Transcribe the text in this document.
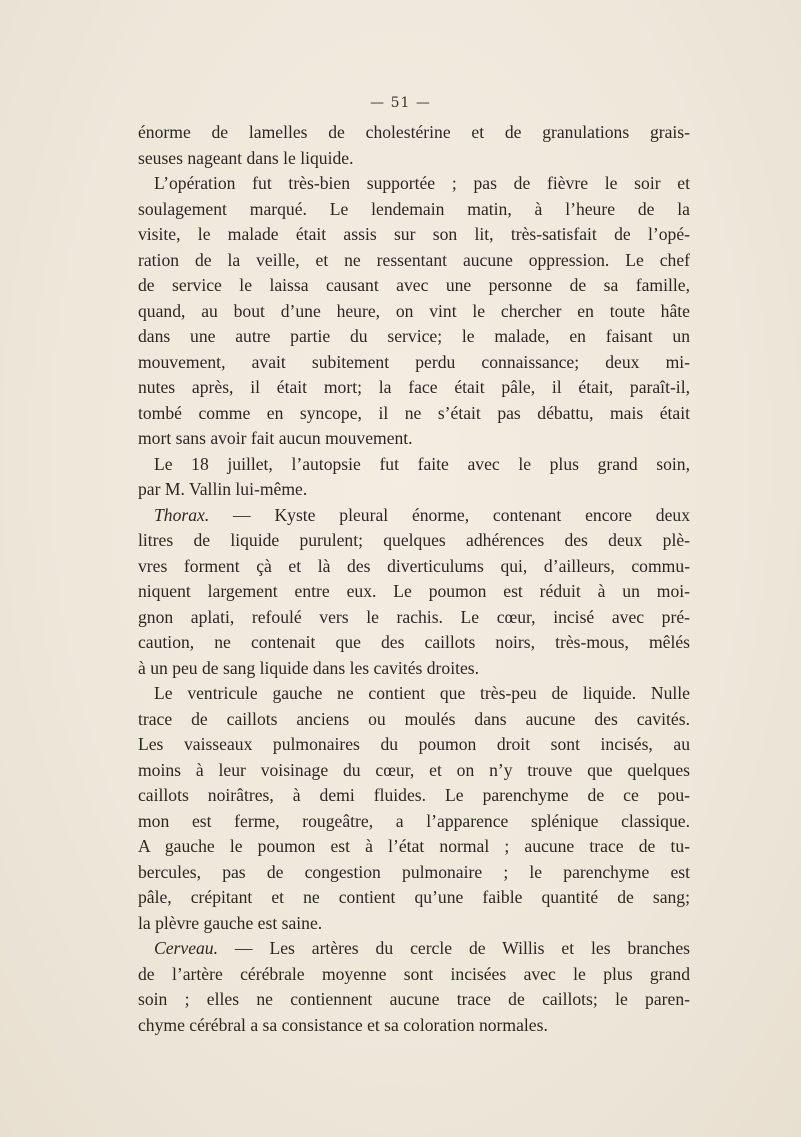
— 51 —
énorme de lamelles de cholestérine et de granulations grais-
seuses nageant dans le liquide.
L’opération fut très-bien supportée ; pas de fièvre le soir et
soulagement marqué. Le lendemain matin, à l’heure de la
visite, le malade était assis sur son lit, très-satisfait de l’opé-
ration de la veille, et ne ressentant aucune oppression. Le chef
de service le laissa causant avec une personne de sa famille,
quand, au bout d’une heure, on vint le chercher en toute hâte
dans une autre partie du service; le malade, en faisant un
mouvement, avait subitement perdu connaissance; deux mi-
nutes après, il était mort; la face était pâle, il était, paraît-il,
tombé comme en syncope, il ne s’était pas débattu, mais était
mort sans avoir fait aucun mouvement.
Le 18 juillet, l’autopsie fut faite avec le plus grand soin,
par M. Vallin lui-même.
Thorax. — Kyste pleural énorme, contenant encore deux
litres de liquide purulent; quelques adhérences des deux plè-
vres forment çà et là des diverticulums qui, d’ailleurs, commu-
niquent largement entre eux. Le poumon est réduit à un moi-
gnon aplati, refoulé vers le rachis. Le cœur, incisé avec pré-
caution, ne contenait que des caillots noirs, très-mous, mêlés
à un peu de sang liquide dans les cavités droites.
Le ventricule gauche ne contient que très-peu de liquide. Nulle
trace de caillots anciens ou moulés dans aucune des cavités.
Les vaisseaux pulmonaires du poumon droit sont incisés, au
moins à leur voisinage du cœur, et on n’y trouve que quelques
caillots noirâtres, à demi fluides. Le parenchyme de ce pou-
mon est ferme, rougeâtre, a l’apparence splénique classique.
A gauche le poumon est à l’état normal ; aucune trace de tu-
bercules, pas de congestion pulmonaire ; le parenchyme est
pâle, crépitant et ne contient qu’une faible quantité de sang;
la plèvre gauche est saine.
Cerveau. — Les artères du cercle de Willis et les branches
de l’artère cérébrale moyenne sont incisées avec le plus grand
soin ; elles ne contiennent aucune trace de caillots; le paren-
chyme cérébral a sa consistance et sa coloration normales.
